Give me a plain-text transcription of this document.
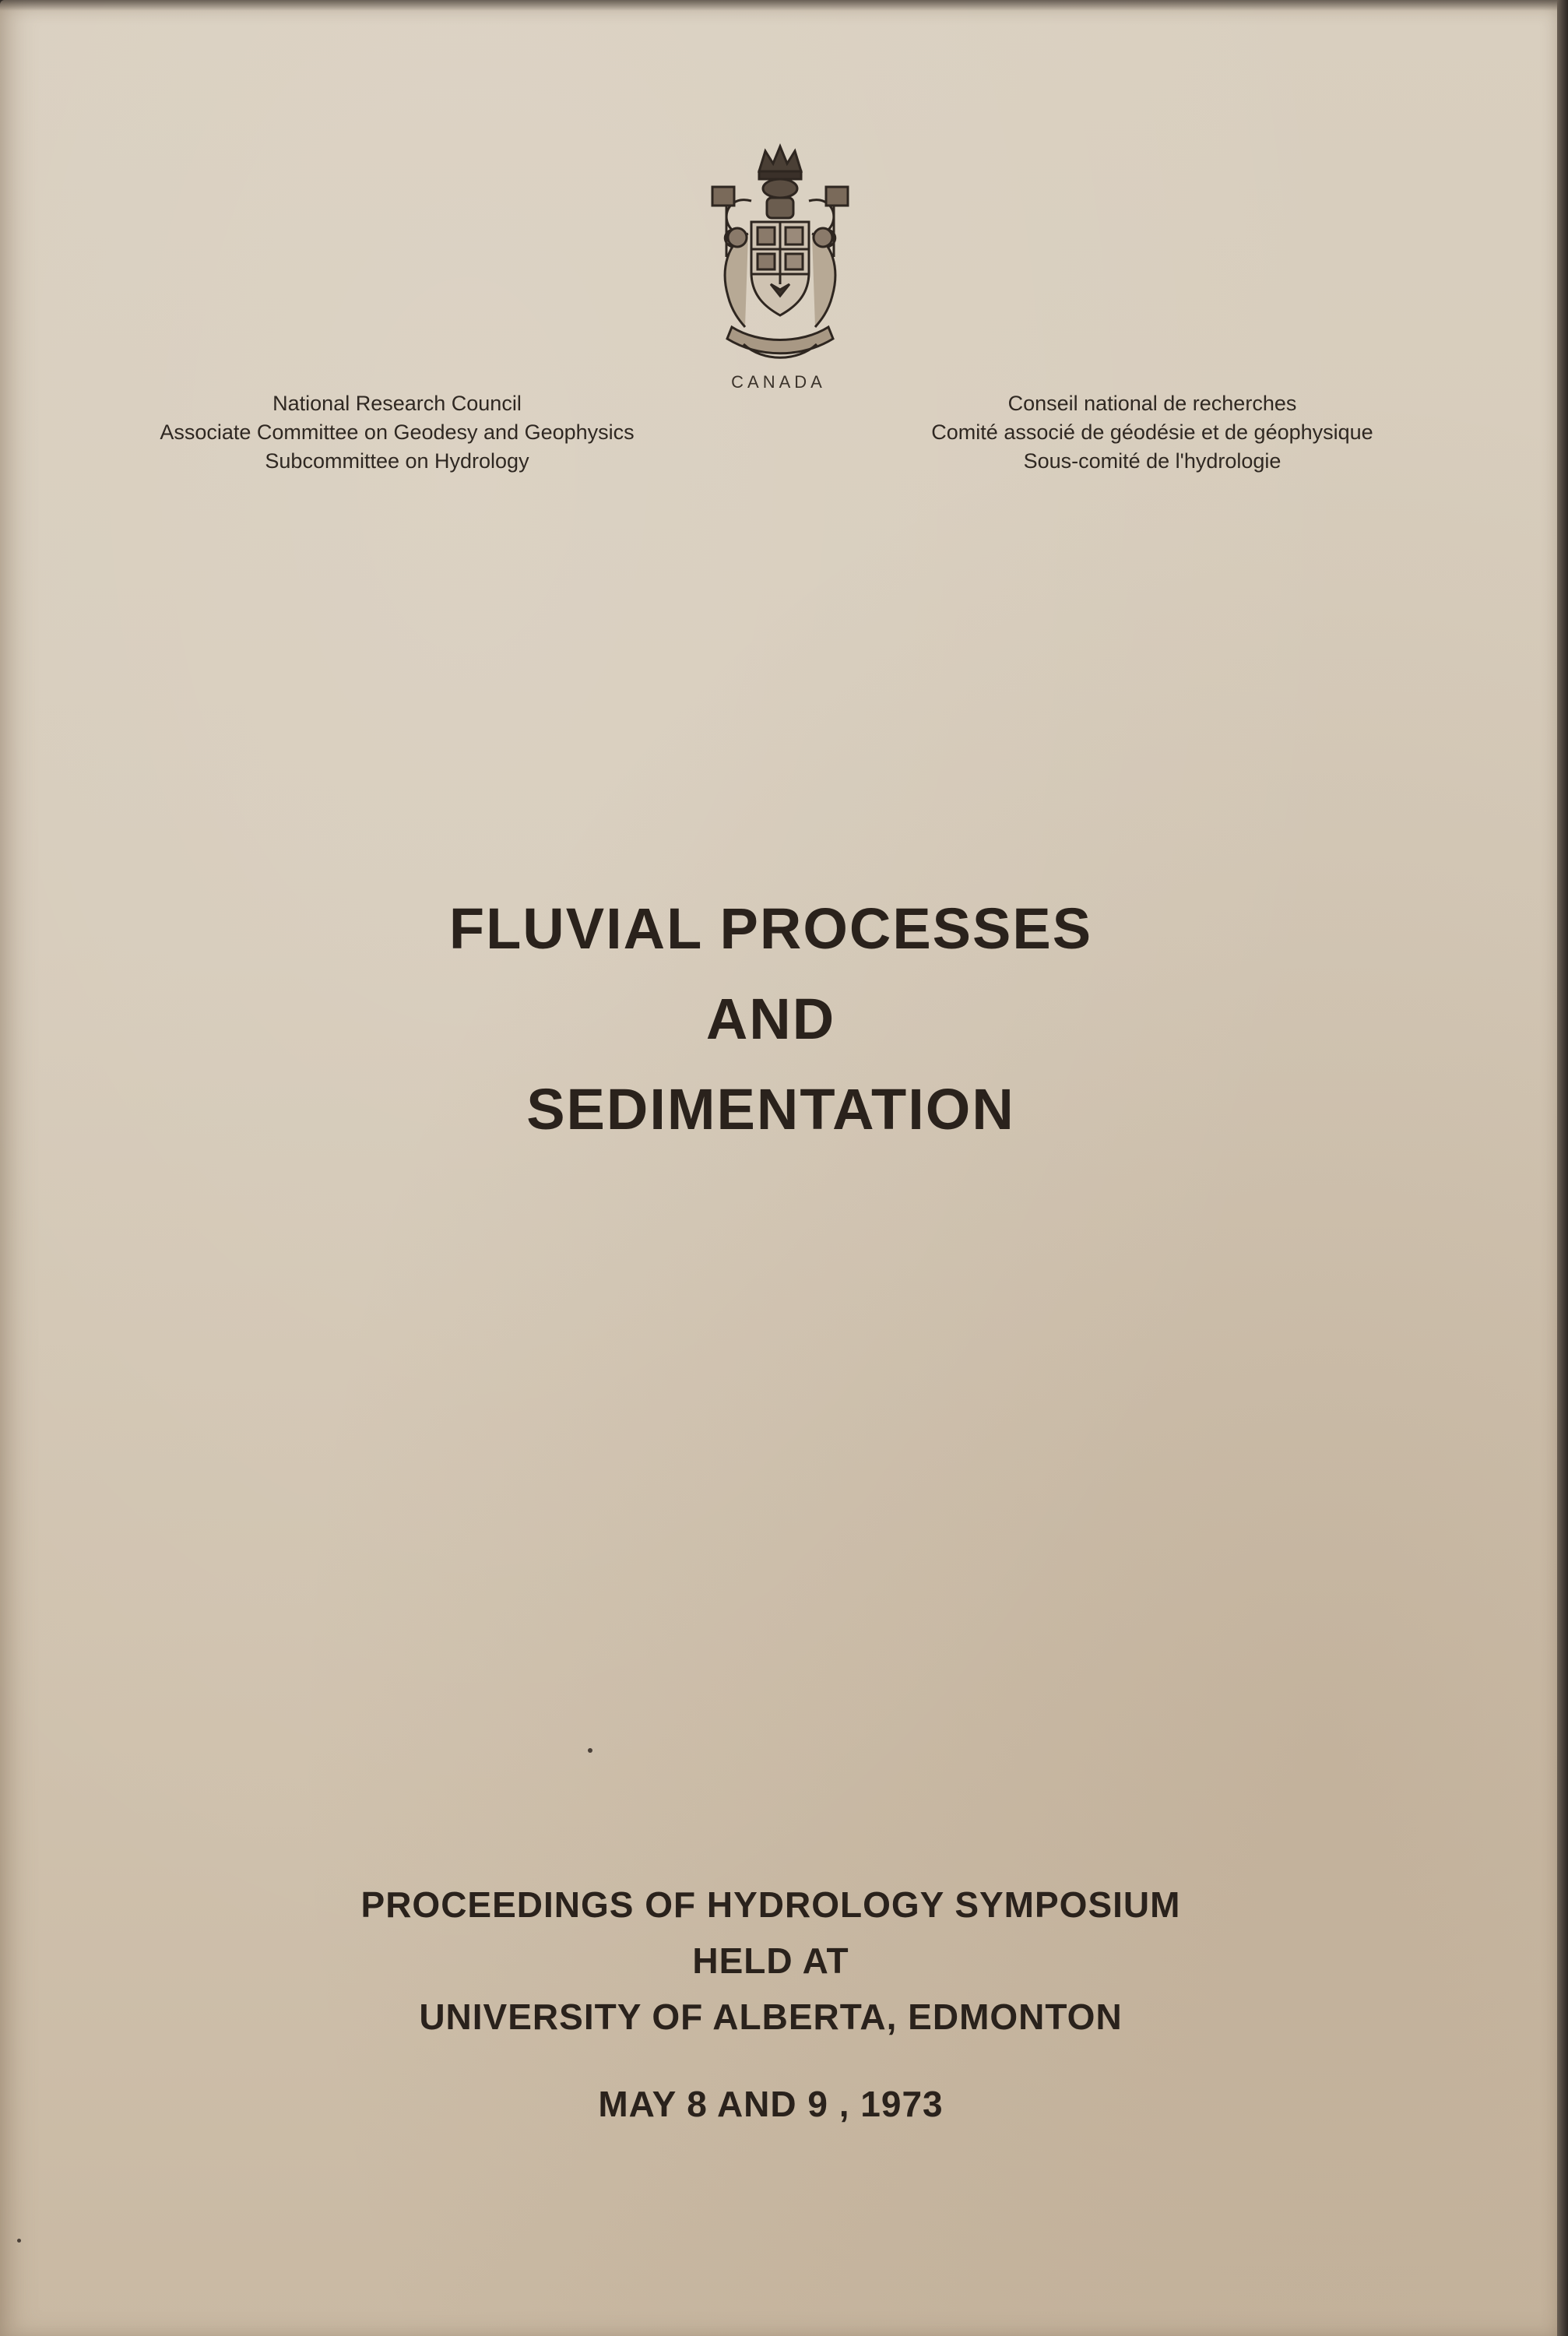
CANADA
National Research Council
Associate Committee on Geodesy and Geophysics
Subcommittee on Hydrology
Conseil national de recherches
Comité associé de géodésie et de géophysique
Sous-comité de l'hydrologie
FLUVIAL PROCESSES
AND
SEDIMENTATION
PROCEEDINGS OF HYDROLOGY SYMPOSIUM
HELD AT
UNIVERSITY OF ALBERTA, EDMONTON
MAY 8 AND 9 , 1973
